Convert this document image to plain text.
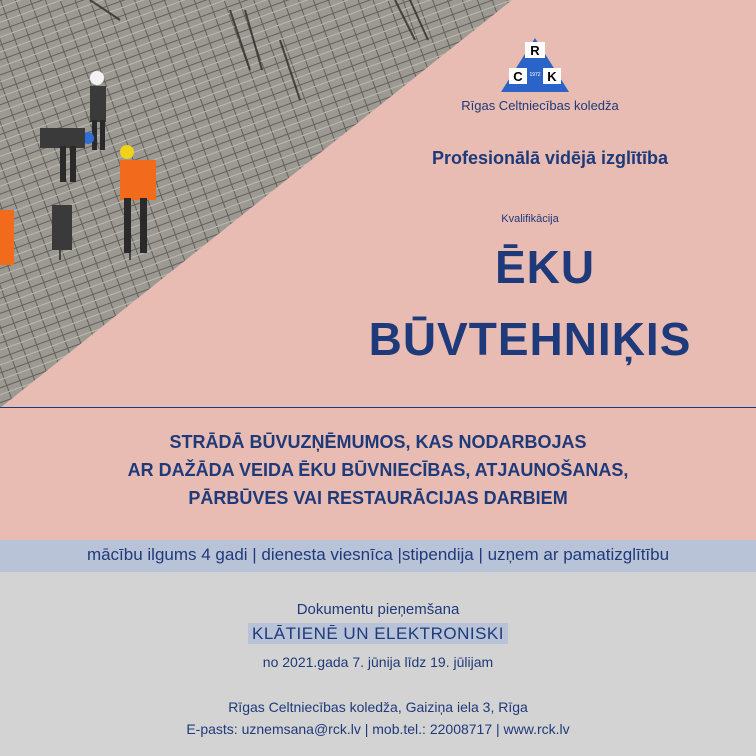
R
C K
1972
Rīgas Celtniecības koledža
Profesionālā vidējā izglītība
Kvalifikācija
ĒKU
BŪVTEHNIĶIS
STRĀDĀ BŪVUZŅĒMUMOS, KAS NODARBOJAS
AR DAŽĀDA VEIDA ĒKU BŪVNIECĪBAS, ATJAUNOŠANAS,
PĀRBŪVES VAI RESTAURĀCIJAS DARBIEM
mācību ilgums 4 gadi | dienesta viesnīca |stipendija | uzņem ar pamatizglītību
Dokumentu pieņemšana
KLĀTIENĒ UN ELEKTRONISKI
no 2021.gada 7. jūnija līdz 19. jūlijam
Rīgas Celtniecības koledža, Gaiziņa iela 3, Rīga
E-pasts: uznemsana@rck.lv | mob.tel.: 22008717 | www.rck.lv
